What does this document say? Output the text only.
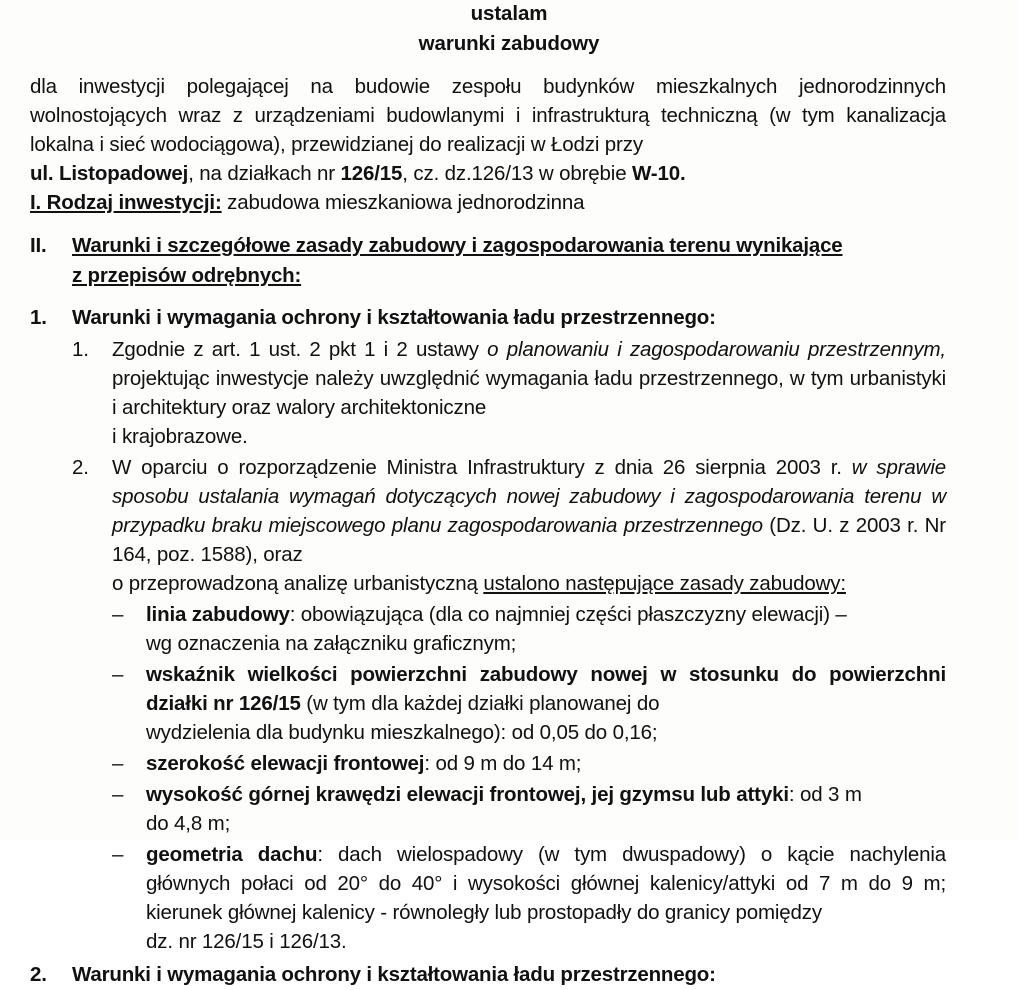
ustalam
warunki zabudowy
dla inwestycji polegającej na budowie zespołu budynków mieszkalnych jednorodzinnych wolnostojących wraz z urządzeniami budowlanymi i infrastrukturą techniczną (w tym kanalizacja lokalna i sieć wodociągowa), przewidzianej do realizacji w Łodzi przy
ul. Listopadowej, na działkach nr 126/15, cz. dz.126/13 w obrębie W-10.
I. Rodzaj inwestycji: zabudowa mieszkaniowa jednorodzinna
II.	Warunki i szczegółowe zasady zabudowy i zagospodarowania terenu wynikające
z przepisów odrębnych:
1.	Warunki i wymagania ochrony i kształtowania ładu przestrzennego:
1.	Zgodnie z art. 1 ust. 2 pkt 1 i 2 ustawy o planowaniu i zagospodarowaniu przestrzennym, projektując inwestycje należy uwzględnić wymagania ładu przestrzennego, w tym urbanistyki i architektury oraz walory architektoniczne
i krajobrazowe.
2.	W oparciu o rozporządzenie Ministra Infrastruktury z dnia 26 sierpnia 2003 r. w sprawie sposobu ustalania wymagań dotyczących nowej zabudowy i zagospodarowania terenu w przypadku braku miejscowego planu zagospodarowania przestrzennego (Dz. U. z 2003 r. Nr 164, poz. 1588), oraz
o przeprowadzoną analizę urbanistyczną ustalono następujące zasady zabudowy:
–	linia zabudowy: obowiązująca (dla co najmniej części płaszczyzny elewacji) –
wg oznaczenia na załączniku graficznym;
–	wskaźnik wielkości powierzchni zabudowy nowej w stosunku do powierzchni działki nr 126/15 (w tym dla każdej działki planowanej do
wydzielenia dla budynku mieszkalnego): od 0,05 do 0,16;
–	szerokość elewacji frontowej: od 9 m do 14 m;
–	wysokość górnej krawędzi elewacji frontowej, jej gzymsu lub attyki: od 3 m
do 4,8 m;
–	geometria dachu: dach wielospadowy (w tym dwuspadowy) o kącie nachylenia głównych połaci od 20° do 40° i wysokości głównej kalenicy/attyki od 7 m do 9 m; kierunek głównej kalenicy - równoległy lub prostopadły do granicy pomiędzy
dz. nr 126/15 i 126/13.
2.	Warunki i wymagania ochrony i kształtowania ładu przestrzennego:
